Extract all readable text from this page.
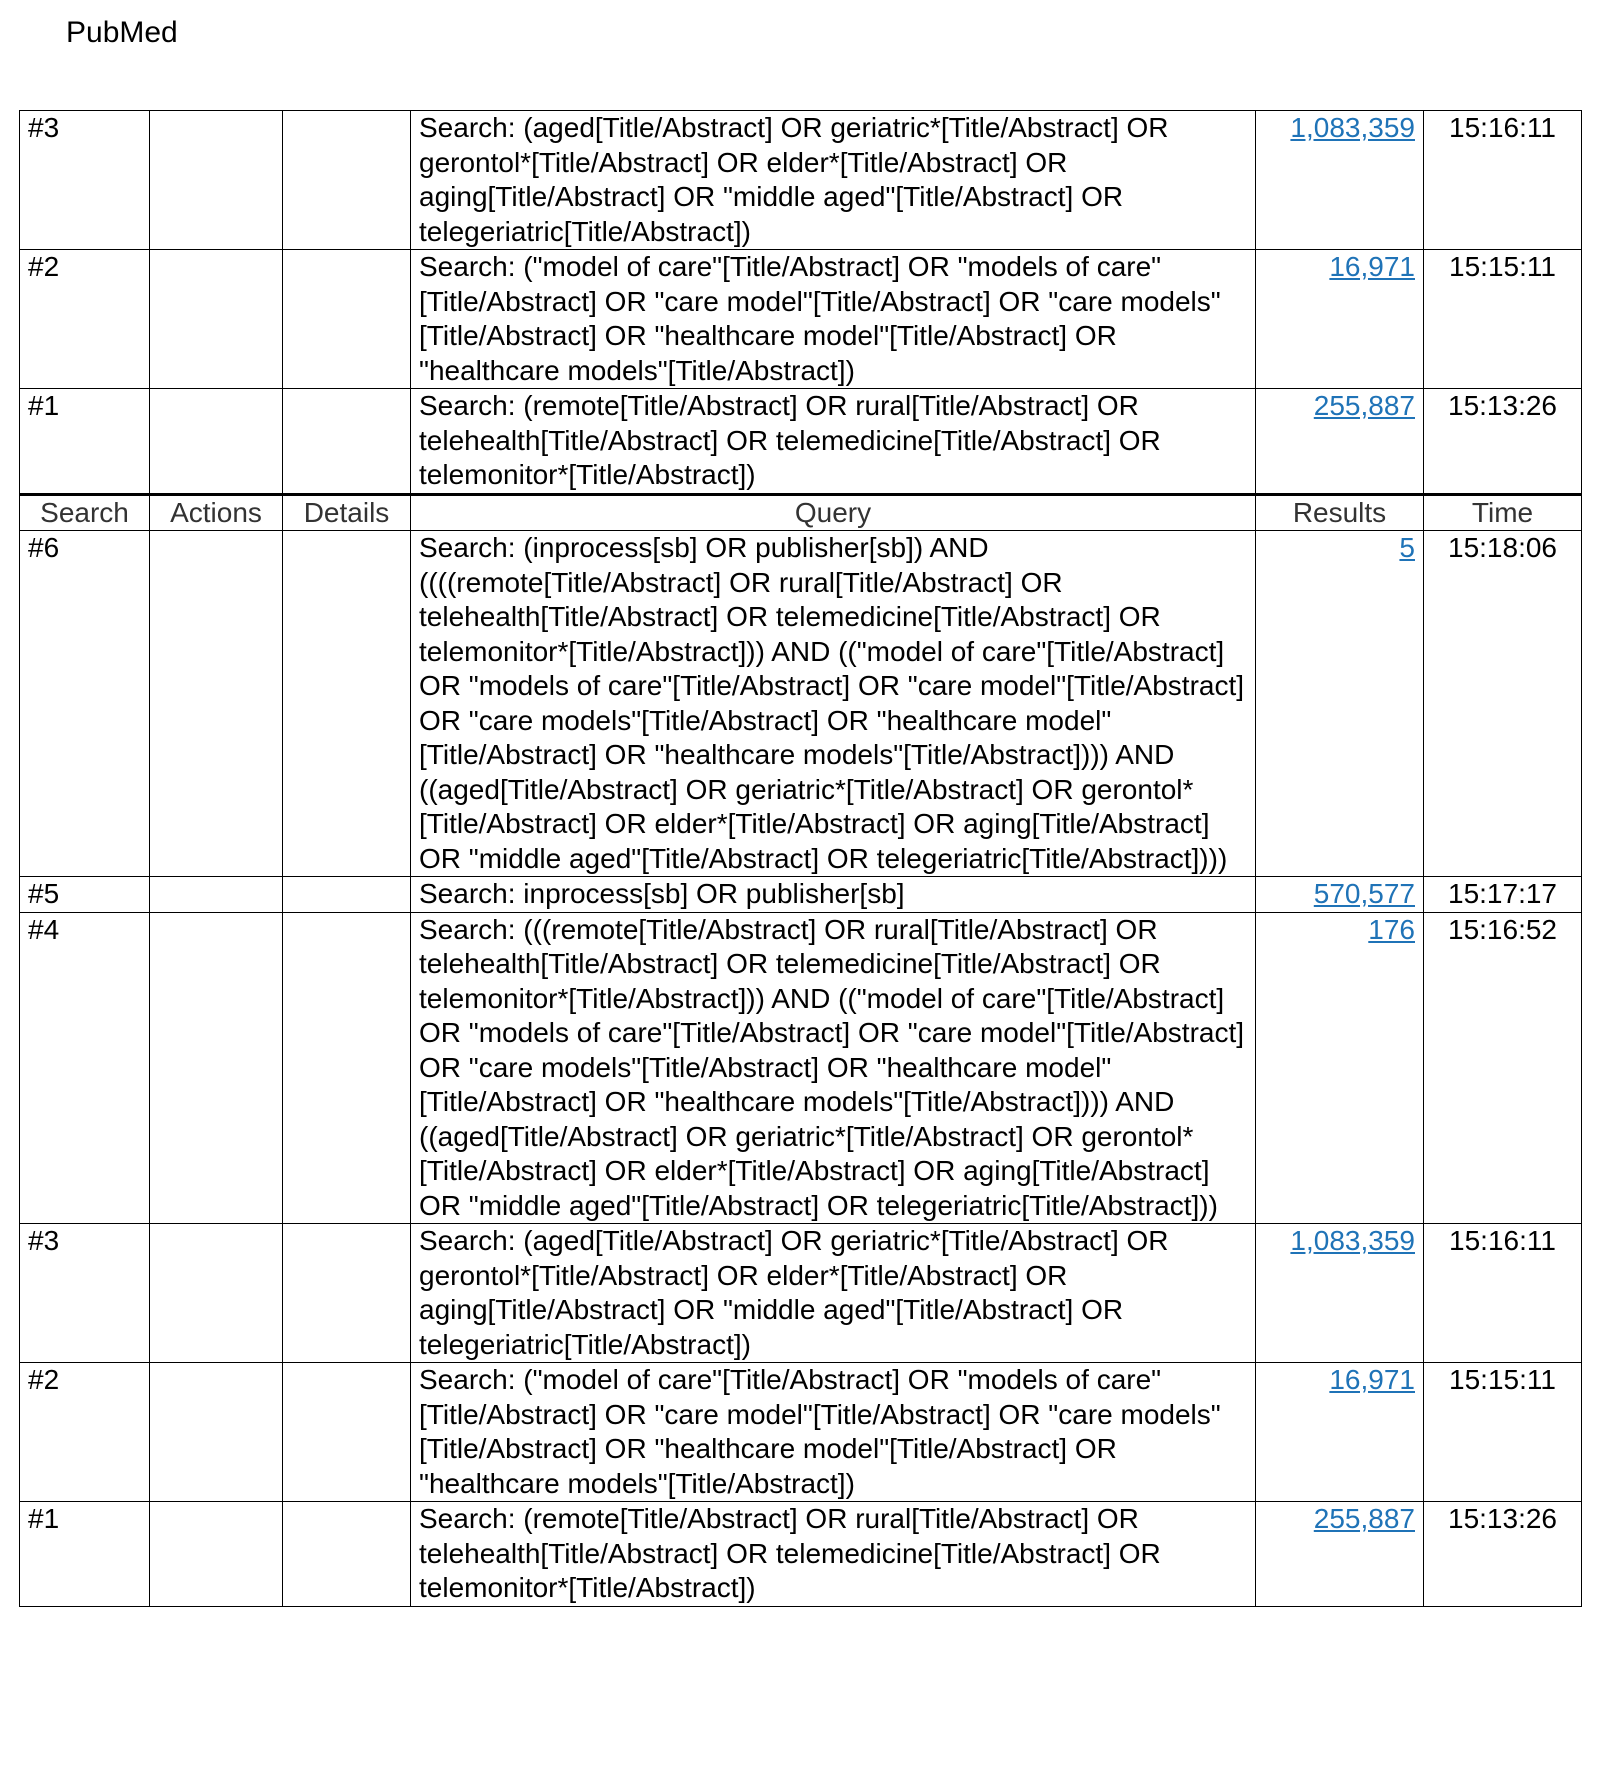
PubMed
#3			Search: (aged[Title/Abstract] OR geriatric*[Title/Abstract] OR gerontol*[Title/Abstract] OR elder*[Title/Abstract] OR aging[Title/Abstract] OR "middle aged"[Title/Abstract] OR telegeriatric[Title/Abstract])	1,083,359	15:16:11
#2			Search: ("model of care"[Title/Abstract] OR "models of care"[Title/Abstract] OR "care model"[Title/Abstract] OR "care models"[Title/Abstract] OR "healthcare model"[Title/Abstract] OR "healthcare models"[Title/Abstract])	16,971	15:15:11
#1			Search: (remote[Title/Abstract] OR rural[Title/Abstract] OR telehealth[Title/Abstract] OR telemedicine[Title/Abstract] OR telemonitor*[Title/Abstract])	255,887	15:13:26
Search	Actions	Details	Query	Results	Time
#6			Search: (inprocess[sb] OR publisher[sb]) AND ((((remote[Title/Abstract] OR rural[Title/Abstract] OR telehealth[Title/Abstract] OR telemedicine[Title/Abstract] OR telemonitor*[Title/Abstract])) AND (("model of care"[Title/Abstract] OR "models of care"[Title/Abstract] OR "care model"[Title/Abstract] OR "care models"[Title/Abstract] OR "healthcare model"[Title/Abstract] OR "healthcare models"[Title/Abstract]))) AND ((aged[Title/Abstract] OR geriatric*[Title/Abstract] OR gerontol*[Title/Abstract] OR elder*[Title/Abstract] OR aging[Title/Abstract] OR "middle aged"[Title/Abstract] OR telegeriatric[Title/Abstract])))	5	15:18:06
#5			Search: inprocess[sb] OR publisher[sb]	570,577	15:17:17
#4			Search: (((remote[Title/Abstract] OR rural[Title/Abstract] OR telehealth[Title/Abstract] OR telemedicine[Title/Abstract] OR telemonitor*[Title/Abstract])) AND (("model of care"[Title/Abstract] OR "models of care"[Title/Abstract] OR "care model"[Title/Abstract] OR "care models"[Title/Abstract] OR "healthcare model"[Title/Abstract] OR "healthcare models"[Title/Abstract]))) AND ((aged[Title/Abstract] OR geriatric*[Title/Abstract] OR gerontol*[Title/Abstract] OR elder*[Title/Abstract] OR aging[Title/Abstract] OR "middle aged"[Title/Abstract] OR telegeriatric[Title/Abstract]))	176	15:16:52
#3			Search: (aged[Title/Abstract] OR geriatric*[Title/Abstract] OR gerontol*[Title/Abstract] OR elder*[Title/Abstract] OR aging[Title/Abstract] OR "middle aged"[Title/Abstract] OR telegeriatric[Title/Abstract])	1,083,359	15:16:11
#2			Search: ("model of care"[Title/Abstract] OR "models of care"[Title/Abstract] OR "care model"[Title/Abstract] OR "care models"[Title/Abstract] OR "healthcare model"[Title/Abstract] OR "healthcare models"[Title/Abstract])	16,971	15:15:11
#1			Search: (remote[Title/Abstract] OR rural[Title/Abstract] OR telehealth[Title/Abstract] OR telemedicine[Title/Abstract] OR telemonitor*[Title/Abstract])	255,887	15:13:26
